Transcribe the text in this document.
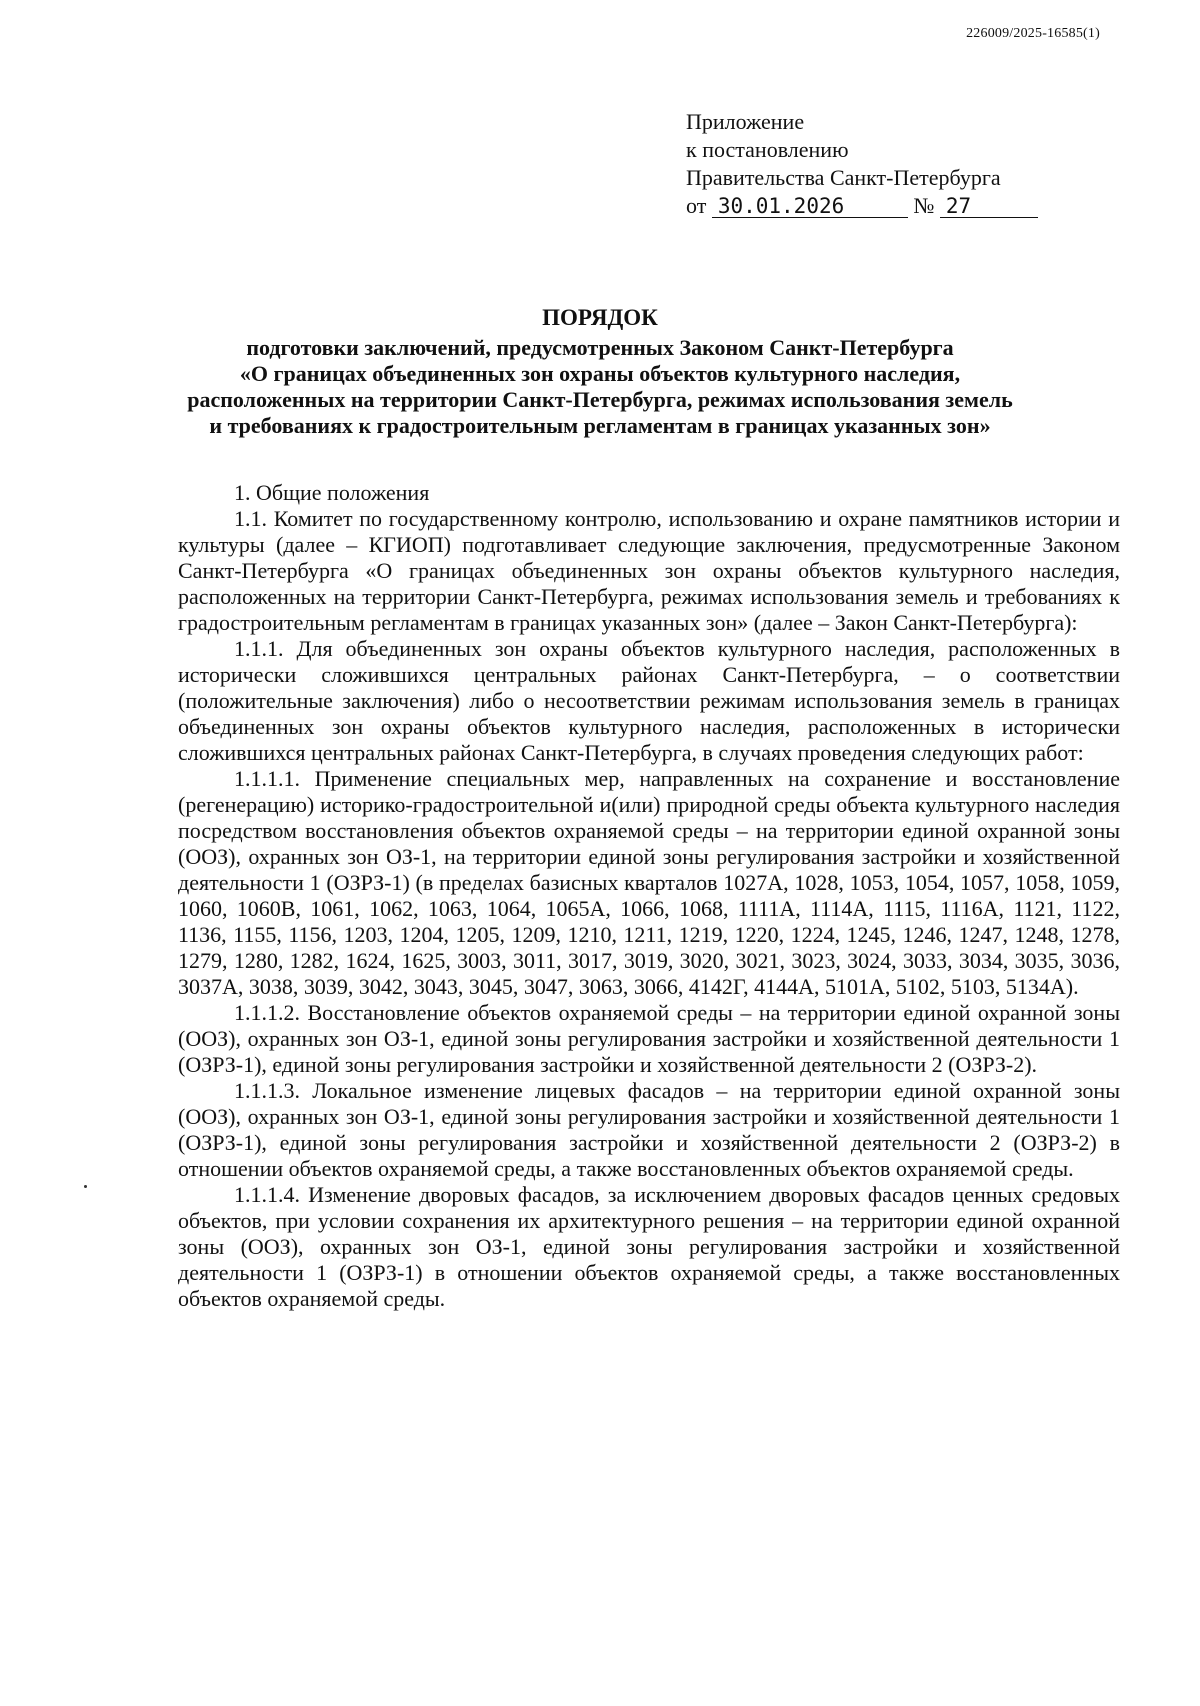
226009/2025-16585(1)
Приложение
к постановлению
Правительства Санкт-Петербурга
от 30.01.2026	№ 27
ПОРЯДОК
подготовки заключений, предусмотренных Законом Санкт-Петербурга
«О границах объединенных зон охраны объектов культурного наследия,
расположенных на территории Санкт-Петербурга, режимах использования земель
и требованиях к градостроительным регламентам в границах указанных зон»

1. Общие положения

1.1. Комитет по государственному контролю, использованию и охране памятников истории и культуры (далее – КГИОП) подготавливает следующие заключения, предусмотренные Законом Санкт-Петербурга «О границах объединенных зон охраны объектов культурного наследия, расположенных на территории Санкт-Петербурга, режимах использования земель и требованиях к градостроительным регламентам в границах указанных зон» (далее – Закон Санкт-Петербурга):

1.1.1. Для объединенных зон охраны объектов культурного наследия, расположенных в исторически сложившихся центральных районах Санкт-Петербурга, – о соответствии (положительные заключения) либо о несоответствии режимам использования земель в границах объединенных зон охраны объектов культурного наследия, расположенных в исторически сложившихся центральных районах Санкт-Петербурга, в случаях проведения следующих работ:

1.1.1.1. Применение специальных мер, направленных на сохранение и восстановление (регенерацию) историко-градостроительной и(или) природной среды объекта культурного наследия посредством восстановления объектов охраняемой среды – на территории единой охранной зоны (ООЗ), охранных зон ОЗ-1, на территории единой зоны регулирования застройки и хозяйственной деятельности 1 (ОЗРЗ-1) (в пределах базисных кварталов 1027А, 1028, 1053, 1054, 1057, 1058, 1059, 1060, 1060В, 1061, 1062, 1063, 1064, 1065А, 1066, 1068, 1111А, 1114А, 1115, 1116А, 1121, 1122, 1136, 1155, 1156, 1203, 1204, 1205, 1209, 1210, 1211, 1219, 1220, 1224, 1245, 1246, 1247, 1248, 1278, 1279, 1280, 1282, 1624, 1625, 3003, 3011, 3017, 3019, 3020, 3021, 3023, 3024, 3033, 3034, 3035, 3036, 3037А, 3038, 3039, 3042, 3043, 3045, 3047, 3063, 3066, 4142Г, 4144А, 5101А, 5102, 5103, 5134А).

1.1.1.2. Восстановление объектов охраняемой среды – на территории единой охранной зоны (ООЗ), охранных зон ОЗ-1, единой зоны регулирования застройки и хозяйственной деятельности 1 (ОЗРЗ-1), единой зоны регулирования застройки и хозяйственной деятельности 2 (ОЗРЗ-2).

1.1.1.3. Локальное изменение лицевых фасадов – на территории единой охранной зоны (ООЗ), охранных зон ОЗ-1, единой зоны регулирования застройки и хозяйственной деятельности 1 (ОЗРЗ-1), единой зоны регулирования застройки и хозяйственной деятельности 2 (ОЗРЗ-2) в отношении объектов охраняемой среды, а также восстановленных объектов охраняемой среды.

1.1.1.4. Изменение дворовых фасадов, за исключением дворовых фасадов ценных средовых объектов, при условии сохранения их архитектурного решения – на территории единой охранной зоны (ООЗ), охранных зон ОЗ-1, единой зоны регулирования застройки и хозяйственной деятельности 1 (ОЗРЗ-1) в отношении объектов охраняемой среды, а также восстановленных объектов охраняемой среды.
